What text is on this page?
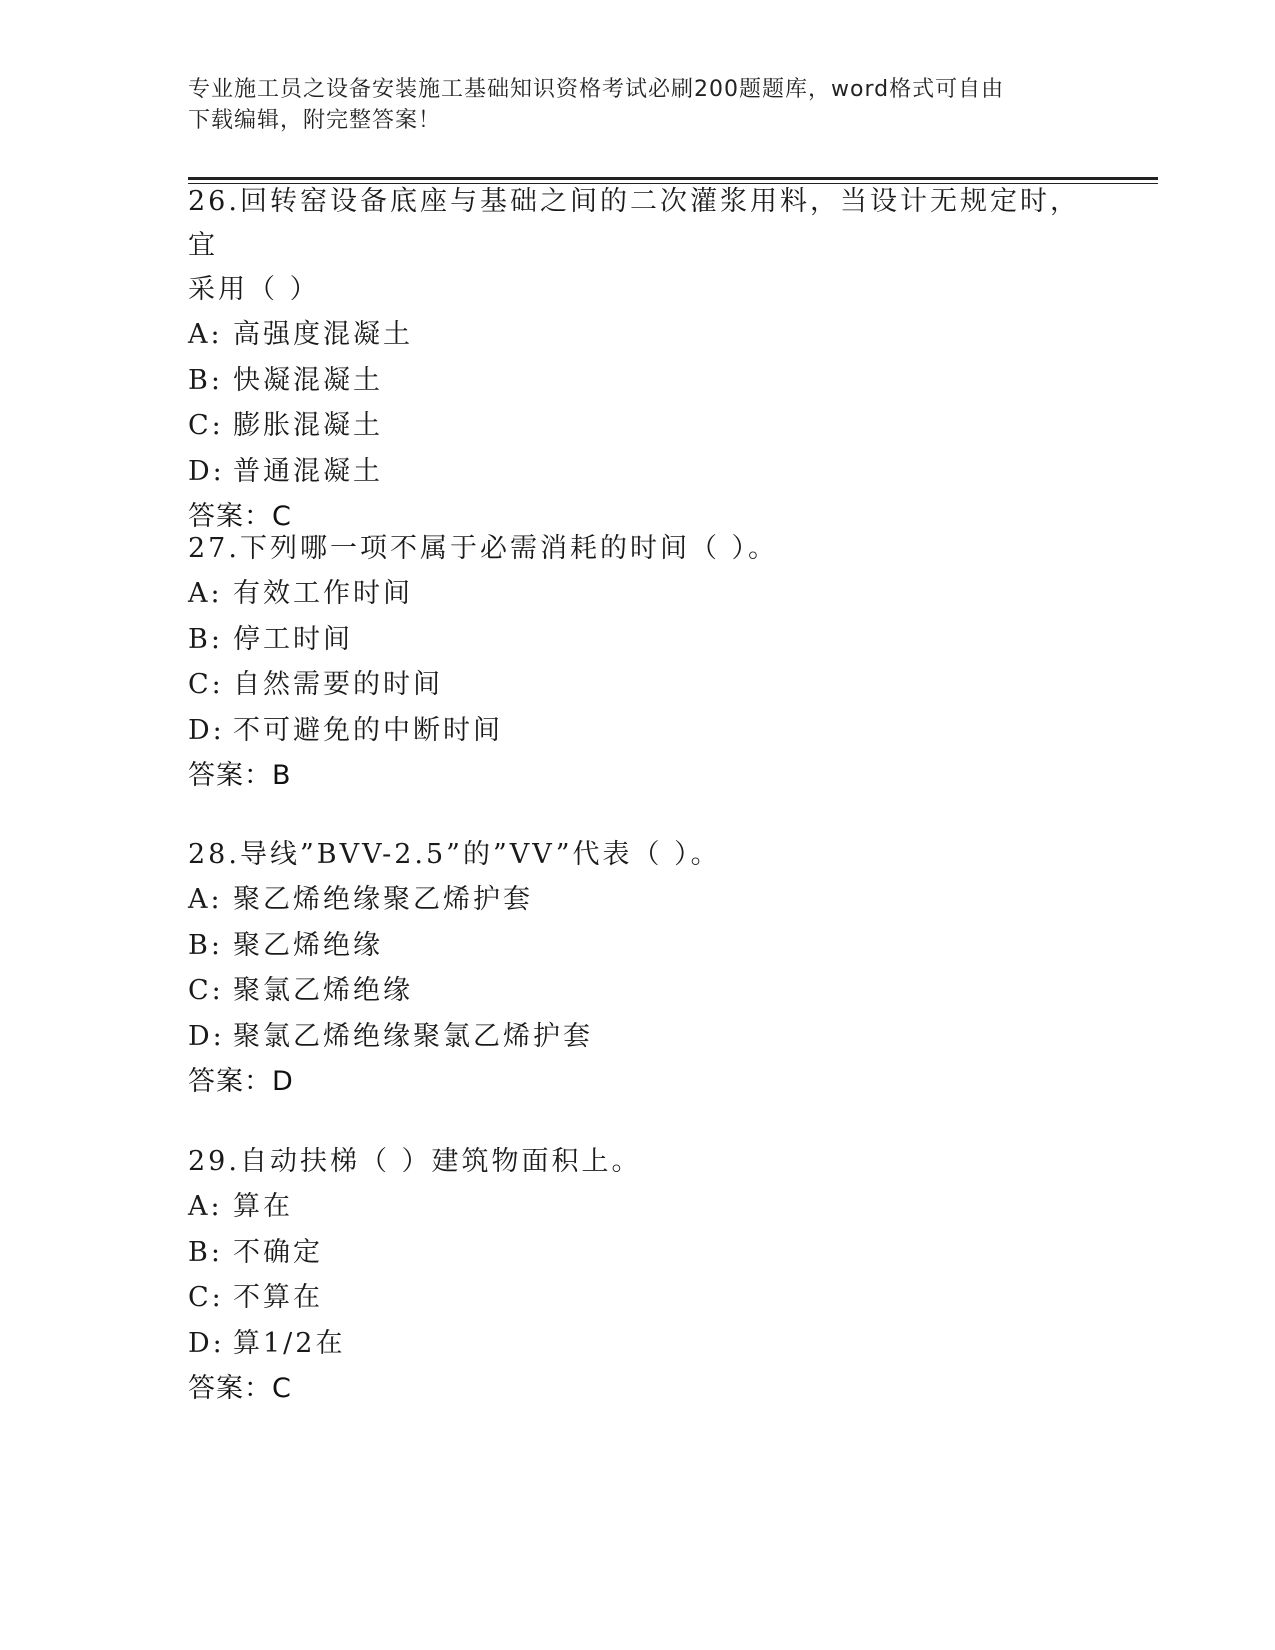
专业施工员之设备安装施工基础知识资格考试必刷200题题库，word格式可自由
下载编辑，附完整答案！
26.回转窑设备底座与基础之间的二次灌浆用料，当设计无规定时，宜
采用（ ）
A: 高强度混凝土
B: 快凝混凝土
C: 膨胀混凝土
D: 普通混凝土
答案：C
27.下列哪一项不属于必需消耗的时间（ ）。
A: 有效工作时间
B: 停工时间
C: 自然需要的时间
D: 不可避免的中断时间
答案：B
28.导线”BVV-2.5”的”VV”代表（ ）。
A: 聚乙烯绝缘聚乙烯护套
B: 聚乙烯绝缘
C: 聚氯乙烯绝缘
D: 聚氯乙烯绝缘聚氯乙烯护套
答案：D
29.自动扶梯（ ）建筑物面积上。
A: 算在
B: 不确定
C: 不算在
D: 算1/2在
答案：C
